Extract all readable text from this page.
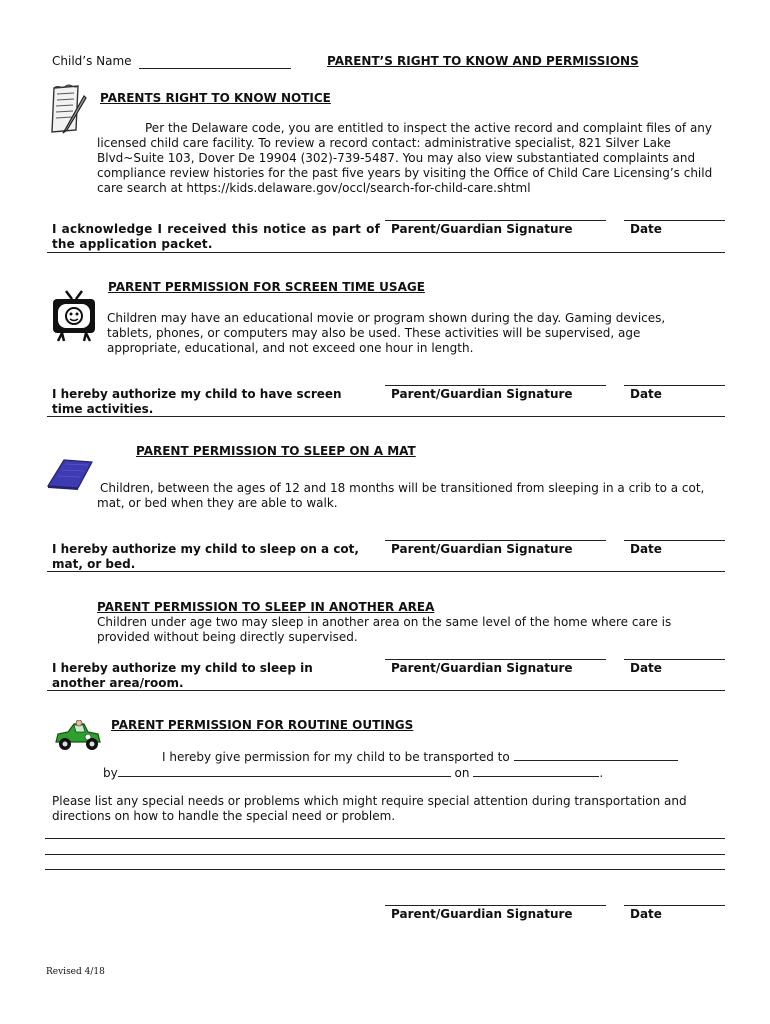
Child’s Name	PARENT’S RIGHT TO KNOW AND PERMISSIONS
PARENTS RIGHT TO KNOW NOTICE
Per the Delaware code, you are entitled to inspect the active record and complaint files of any licensed child care facility. To review a record contact: administrative specialist, 821 Silver Lake Blvd~Suite 103, Dover De 19904 (302)-739-5487. You may also view substantiated complaints and compliance review histories for the past five years by visiting the Office of Child Care Licensing’s child care search at https://kids.delaware.gov/occl/search-for-child-care.shtml
I acknowledge I received this notice as part of the application packet.
Parent/Guardian Signature	Date
PARENT PERMISSION FOR SCREEN TIME USAGE
Children may have an educational movie or program shown during the day. Gaming devices, tablets, phones, or computers may also be used. These activities will be supervised, age appropriate, educational, and not exceed one hour in length.
I hereby authorize my child to have screen time activities.
Parent/Guardian Signature	Date
PARENT PERMISSION TO SLEEP ON A MAT
Children, between the ages of 12 and 18 months will be transitioned from sleeping in a crib to a cot, mat, or bed when they are able to walk.
I hereby authorize my child to sleep on a cot, mat, or bed.
Parent/Guardian Signature	Date
PARENT PERMISSION TO SLEEP IN ANOTHER AREA
Children under age two may sleep in another area on the same level of the home where care is provided without being directly supervised.
I hereby authorize my child to sleep in another area/room.
Parent/Guardian Signature	Date
PARENT PERMISSION FOR ROUTINE OUTINGS
I hereby give permission for my child to be transported to
by	on	.
Please list any special needs or problems which might require special attention during transportation and directions on how to handle the special need or problem.
Parent/Guardian Signature	Date
Revised 4/18
